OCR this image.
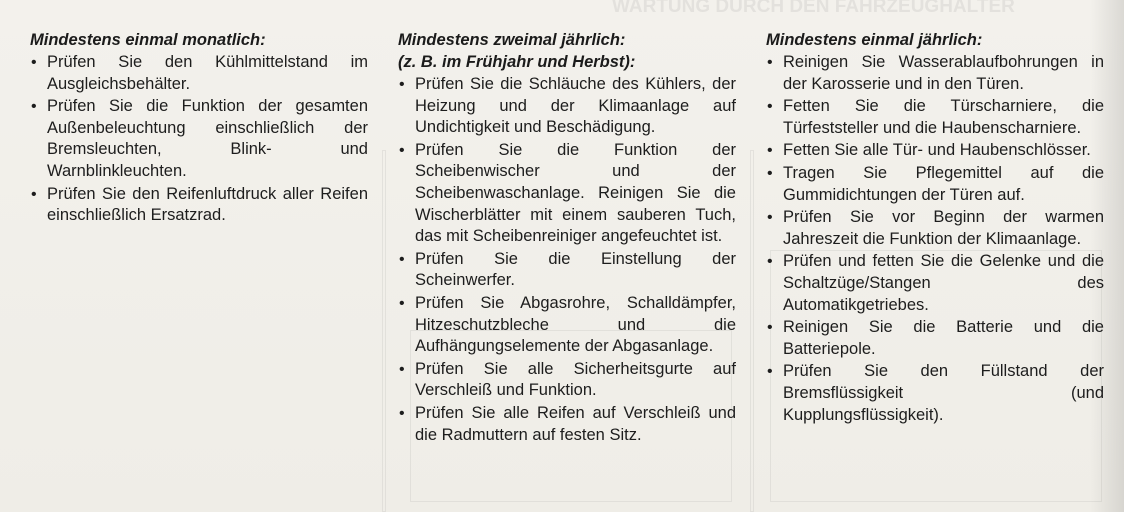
WARTUNG DURCH DEN FAHRZEUGHALTER
Mindestens einmal monatlich:
• Prüfen Sie den Kühlmittelstand im Ausgleichsbehälter.
• Prüfen Sie die Funktion der gesamten Außenbeleuchtung einschließlich der Bremsleuchten, Blink- und Warnblinkleuchten.
• Prüfen Sie den Reifenluftdruck aller Reifen einschließlich Ersatzrad.
Mindestens zweimal jährlich:
(z. B. im Frühjahr und Herbst):
• Prüfen Sie die Schläuche des Kühlers, der Heizung und der Klimaanlage auf Undichtigkeit und Beschädigung.
• Prüfen Sie die Funktion der Scheibenwischer und der Scheibenwaschanlage. Reinigen Sie die Wischerblätter mit einem sauberen Tuch, das mit Scheibenreiniger angefeuchtet ist.
• Prüfen Sie die Einstellung der Scheinwerfer.
• Prüfen Sie Abgasrohre, Schalldämpfer, Hitzeschutzbleche und die Aufhängungselemente der Abgasanlage.
• Prüfen Sie alle Sicherheitsgurte auf Verschleiß und Funktion.
• Prüfen Sie alle Reifen auf Verschleiß und die Radmuttern auf festen Sitz.
Mindestens einmal jährlich:
• Reinigen Sie Wasserablaufbohrungen in der Karosserie und in den Türen.
• Fetten Sie die Türscharniere, die Türfeststeller und die Haubenscharniere.
• Fetten Sie alle Tür- und Haubenschlösser.
• Tragen Sie Pflegemittel auf die Gummidichtungen der Türen auf.
• Prüfen Sie vor Beginn der warmen Jahreszeit die Funktion der Klimaanlage.
• Prüfen und fetten Sie die Gelenke und die Schaltzüge/Stangen des Automatikgetriebes.
• Reinigen Sie die Batterie und die Batteriepole.
• Prüfen Sie den Füllstand der Bremsflüssigkeit (und Kupplungsflüssigkeit).
